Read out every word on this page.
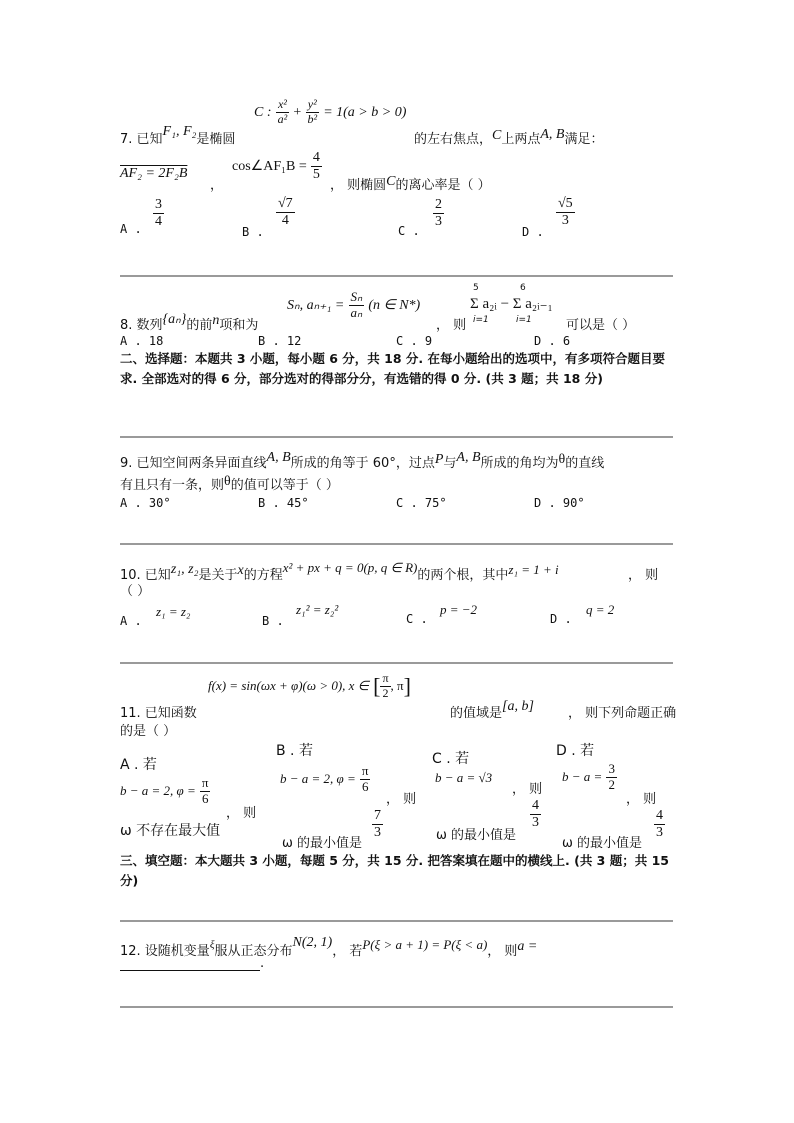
C : $\frac{\text{x²}}{\text{a²}} + \frac{\text{y²}}{\text{b²}} = 1(a > b > 0)$
7. 已知F₁, F₂是椭圆	的左右焦点，C上两点A, B满足：
AF₂ = 2F₂B
，
cos∠AF₁B = $\frac{4}{5}$
， 则椭圆C的离心率是（ ）
A . $\frac{3}{4}$
B .
$\frac{√7}{4}$
C .
$\frac{2}{3}$
D .
$\frac{√5}{3}$
Sₙ, $a_{n+1} = \frac{\text{Sₙ}}{\text{aₙ}} (n$ ∈ N*)
5
i=1
6
i=1
Σ a₂ᵢ − Σ a₂ᵢ₋₁
8. 数列{aₙ}的前n项和为	， 则	可以是（ ）
A . 18	B . 12	C . 9	D . 6
二、选择题：本题共 3 小题，每小题 6 分，共 18 分. 在每小题给出的选项中，有多项符合题目要求. 全部选对的得 6 分，部分选对的得部分分，有选错的得 0 分. (共 3 题；共 18 分)
9. 已知空间两条异面直线A, B所成的角等于 60°，过点P与A, B所成的角均为θ的直线
有且只有一条，则θ的值可以等于（ ）
A . 30°	B . 45°	C . 75°	D . 90°
10. 已知z₁, z₂是关于x的方程x² + px + q = 0(p, q ∈ R)的两个根，其中z₁ = 1 + i	， 则
（ ）
A .
z₁ = z₂
B .
z₁² = z₂²
C .
p = −2
D .
q = 2
f(x) = sin(ωx + φ)(ω > 0), x ∈ [ $\frac{\pi}{2}$ , π]
11. 已知函数	的值域是[a, b]	， 则下列命题正确
的是（ ）
A . 若
b − a = 2, $\varphi = \frac{\pi}{6}$
， 则
ω 不存在最大值
B . 若
b − a = 2, $\varphi = \frac{\pi}{6}$
， 则
ω 的最小值是
$\frac{7}{3}$
C . 若
b − a = √3
， 则
ω 的最小值是
$\frac{4}{3}$
D . 若
$b - a = \frac{3}{2}$
， 则
ω 的最小值是
$\frac{4}{3}$
三、填空题：本大题共 3 小题，每题 5 分，共 15 分. 把答案填在题中的横线上. (共 3 题；共 15 分)
12. 设随机变量$^\xi$服从正态分布N(2, 1)， 若P(ξ > a + 1) = P(ξ < a)， 则a =
.
